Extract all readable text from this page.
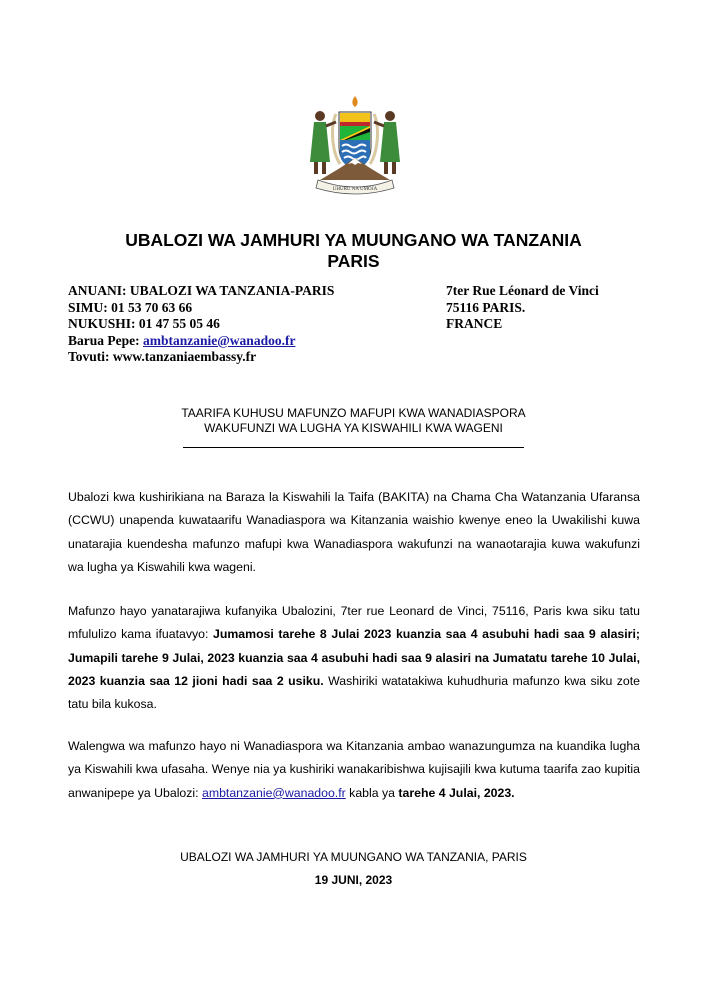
UHURU NA UMOJA
UBALOZI WA JAMHURI YA MUUNGANO WA TANZANIA
PARIS
ANUANI: UBALOZI WA TANZANIA-PARIS
SIMU: 01 53 70 63 66
NUKUSHI: 01 47 55 05 46
Barua Pepe: ambtanzanie@wanadoo.fr
Tovuti: www.tanzaniaembassy.fr
7ter Rue Léonard de Vinci
75116 PARIS.
FRANCE
TAARIFA KUHUSU MAFUNZO MAFUPI KWA WANADIASPORA
WAKUFUNZI WA LUGHA YA KISWAHILI KWA WAGENI
Ubalozi kwa kushirikiana na Baraza la Kiswahili la Taifa (BAKITA) na Chama Cha Watanzania Ufaransa (CCWU) unapenda kuwataarifu Wanadiaspora wa Kitanzania waishio kwenye eneo la Uwakilishi kuwa unatarajia kuendesha mafunzo mafupi kwa Wanadiaspora wakufunzi na wanaotarajia kuwa wakufunzi wa lugha ya Kiswahili kwa wageni.
Mafunzo hayo yanatarajiwa kufanyika Ubalozini, 7ter rue Leonard de Vinci, 75116, Paris kwa siku tatu mfululizo kama ifuatavyo: Jumamosi tarehe 8 Julai 2023 kuanzia saa 4 asubuhi hadi saa 9 alasiri; Jumapili tarehe 9 Julai, 2023 kuanzia saa 4 asubuhi hadi saa 9 alasiri na Jumatatu tarehe 10 Julai, 2023 kuanzia saa 12 jioni hadi saa 2 usiku. Washiriki watatakiwa kuhudhuria mafunzo kwa siku zote tatu bila kukosa.
Walengwa wa mafunzo hayo ni Wanadiaspora wa Kitanzania ambao wanazungumza na kuandika lugha ya Kiswahili kwa ufasaha. Wenye nia ya kushiriki wanakaribishwa kujisajili kwa kutuma taarifa zao kupitia anwanipepe ya Ubalozi: ambtanzanie@wanadoo.fr kabla ya tarehe 4 Julai, 2023.
UBALOZI WA JAMHURI YA MUUNGANO WA TANZANIA, PARIS
19 JUNI, 2023
